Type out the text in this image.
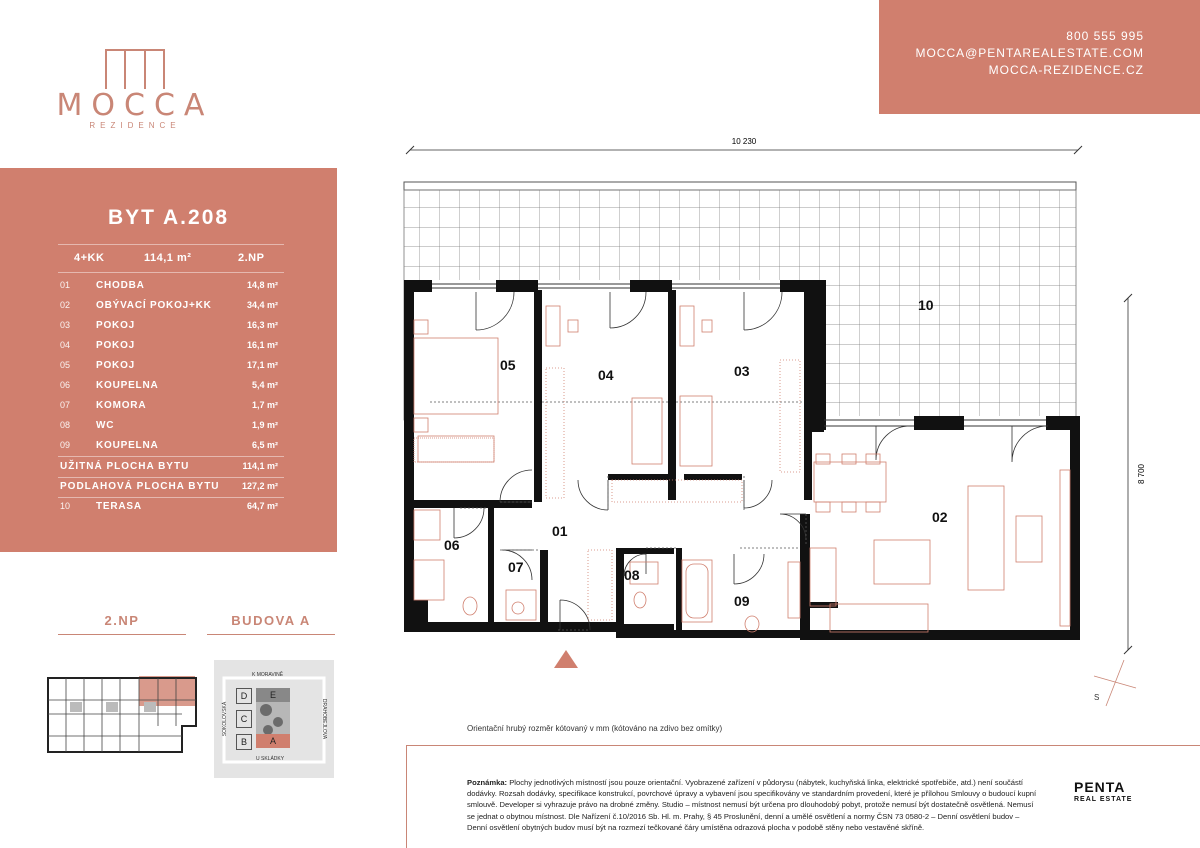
MOCCA
REZIDENCE
800 555 995
MOCCA@PENTAREALESTATE.COM
MOCCA-REZIDENCE.CZ
BYT A.208
4+KK	114,1 m²	2.NP
01	CHODBA	14,8 m²
02	OBÝVACÍ POKOJ+KK	34,4 m²
03	POKOJ	16,3 m²
04	POKOJ	16,1 m²
05	POKOJ	17,1 m²
06	KOUPELNA	5,4 m²
07	KOMORA	1,7 m²
08	WC	1,9 m²
09	KOUPELNA	6,5 m²
UŽITNÁ PLOCHA BYTU	114,1 m²
PODLAHOVÁ PLOCHA BYTU 127,2 m²
10	TERASA	64,7 m²
2.NP	BUDOVA A
K MORAVINĚ
SOKOLOVSKÁ	DRAHOBEJLOVA
U SKLÁDKY
D	E
C
B	A
10 230
8 700
01
02
03
04
05
06
07	08
09
10
S
Orientační hrubý rozměr kótovaný v mm (kótováno na zdivo bez omítky)
Poznámka: Plochy jednotlivých místností jsou pouze orientační. Vyobrazené zařízení v půdorysu (nábytek, kuchyňská linka, elektrické spotřebiče, atd.) není součástí dodávky. Rozsah dodávky, specifikace konstrukcí, povrchové úpravy a vybavení jsou specifikovány ve standardním provedení, které je přílohou Smlouvy o budoucí kupní smlouvě. Developer si vyhrazuje právo na drobné změny. Studio – místnost nemusí být určena pro dlouhodobý pobyt, protože nemusí být dostatečně osvětlená. Nemusí se jednat o obytnou místnost. Dle Nařízení č.10/2016 Sb. Hl. m. Prahy, § 45 Proslunění, denní a umělé osvětlení a normy ČSN 73 0580-2 – Denní osvětlení budov – Denní osvětlení obytných budov musí být na rozmezí tečkované čáry umístěna odrazová plocha v podobě stěny nebo vestavěné skříně.
PENTA
REAL ESTATE
